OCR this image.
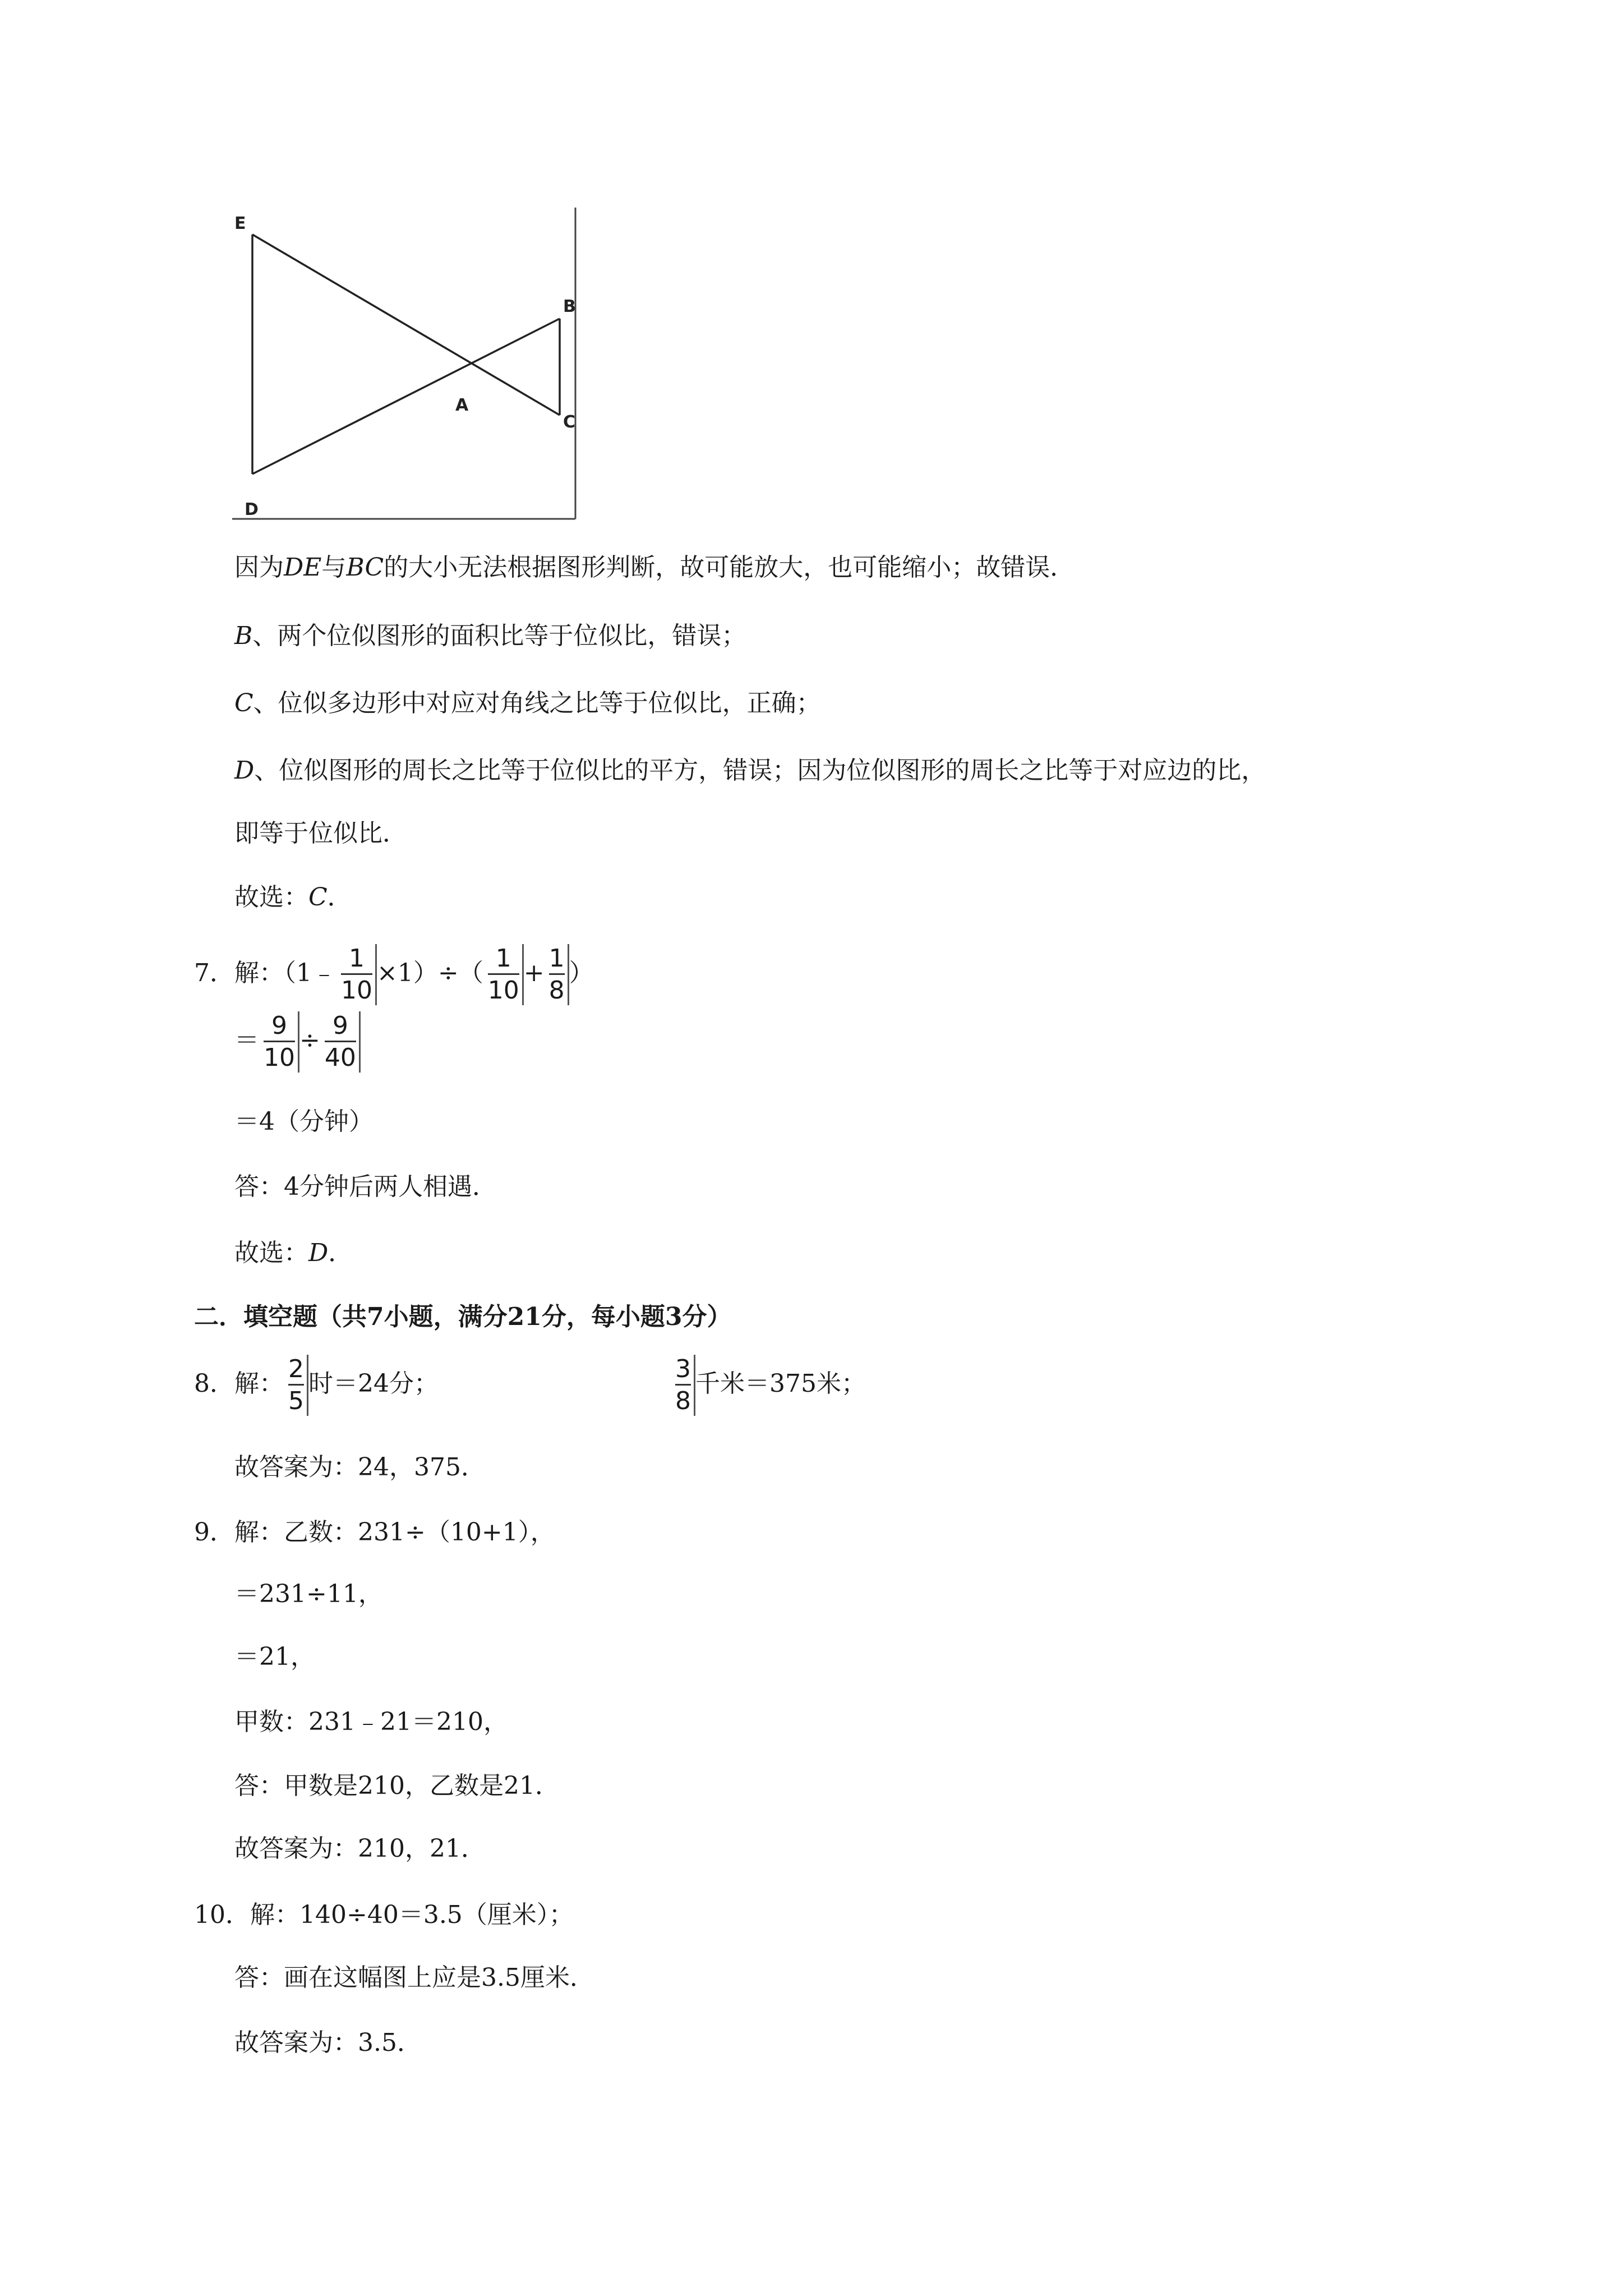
E
B
A
C
D
因为DE与BC的大小无法根据图形判断，故可能放大，也可能缩小；故错误．
B、两个位似图形的面积比等于位似比，错误；
C、位似多边形中对应对角线之比等于位似比，正确；
D、位似图形的周长之比等于位似比的平方，错误；因为位似图形的周长之比等于对应边的比，
即等于位似比．
故选：C．
7．解：（1﹣ $\frac{1}{10} \times 1)\div( \frac{1}{10} + \frac{1}{8}$ ）
＝ $\frac{9}{10} \div \frac{9}{40}$
＝4（分钟）
答：4分钟后两人相遇．
故选：D．
二．填空题（共7小题，满分21分，每小题3分）
8．解： $\frac{2}{5}$ 时＝24分；	$\frac{3}{8}$ 千米＝375米；
故答案为：24，375．
9．解：乙数：231÷（10+1），
＝231÷11，
＝21，
甲数：231﹣21＝210，
答：甲数是210，乙数是21．
故答案为：210，21．
10．解：140÷40＝3.5（厘米）；
答：画在这幅图上应是3.5厘米．
故答案为：3.5．
